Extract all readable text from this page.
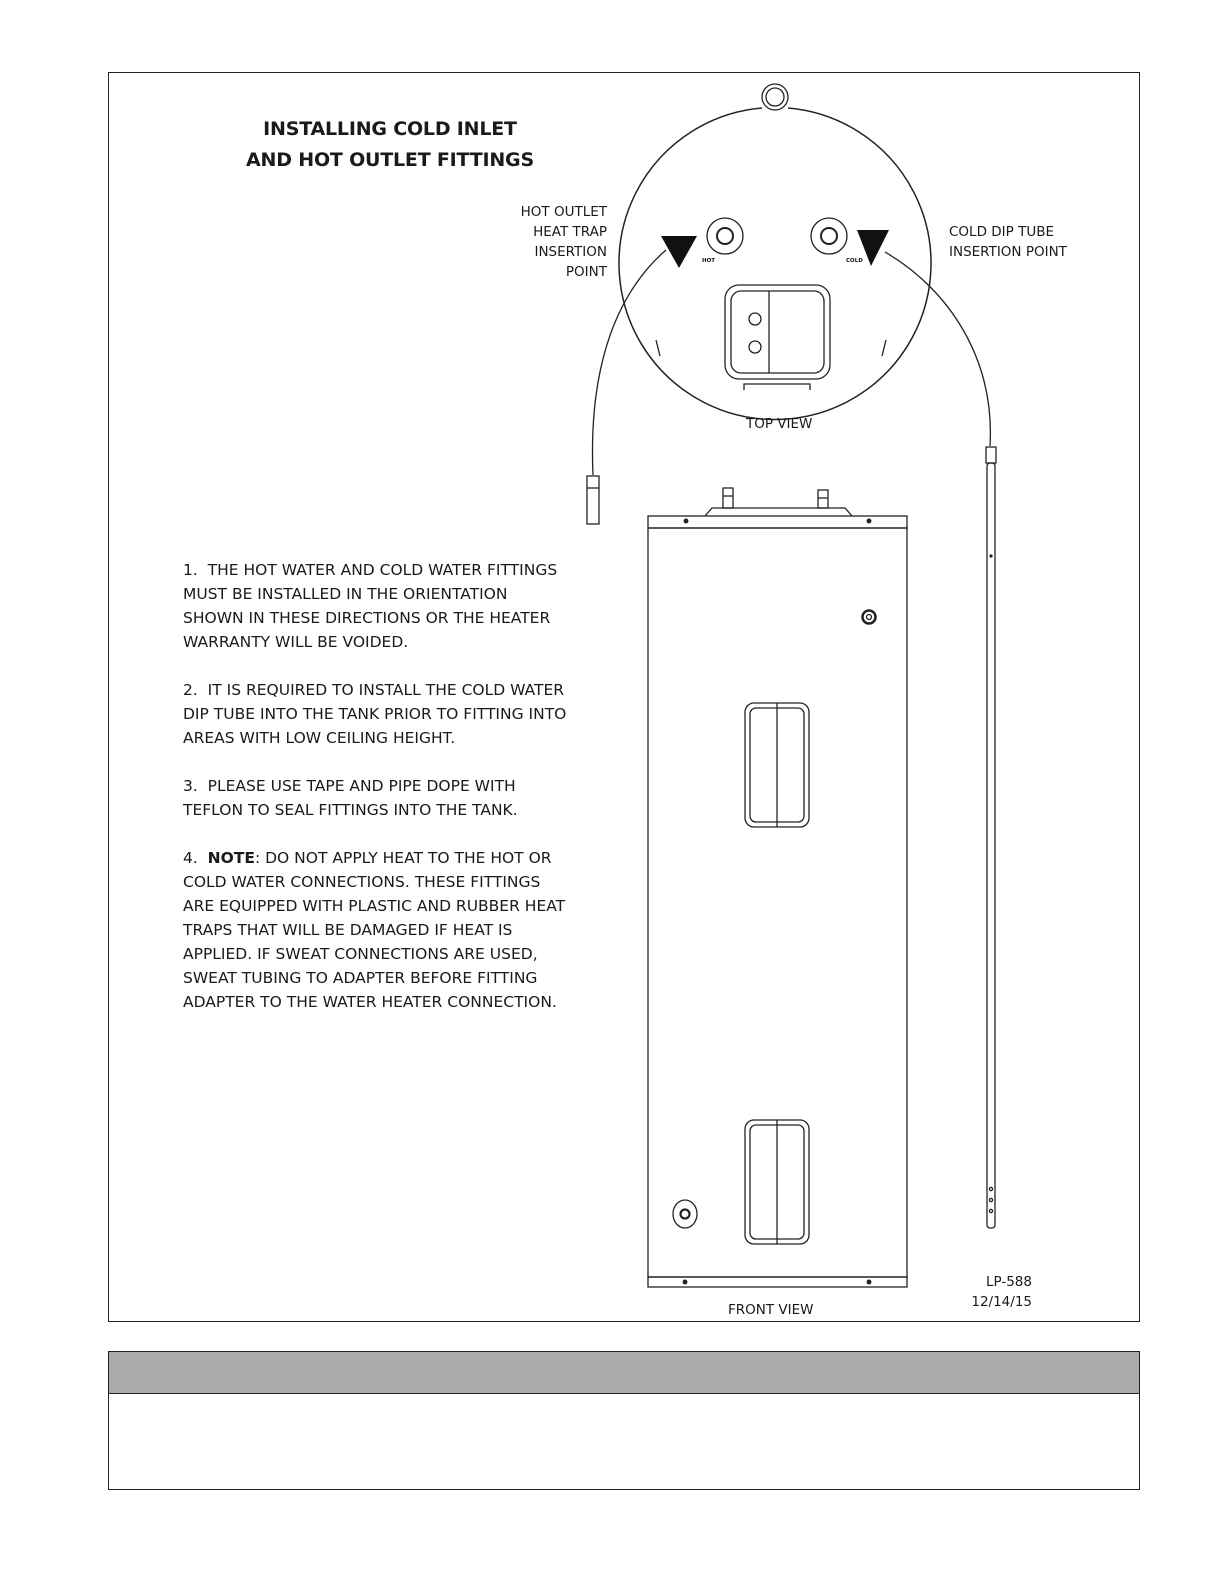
INSTALLING COLD INLET
AND HOT OUTLET FITTINGS
HOT OUTLET
HEAT TRAP
INSERTION
POINT
COLD DIP TUBE
INSERTION POINT
HOT	COLD
TOP VIEW
FRONT VIEW
1. THE HOT WATER AND COLD WATER FITTINGS
MUST BE INSTALLED IN THE ORIENTATION
SHOWN IN THESE DIRECTIONS OR THE HEATER
WARRANTY WILL BE VOIDED.
2. IT IS REQUIRED TO INSTALL THE COLD WATER
DIP TUBE INTO THE TANK PRIOR TO FITTING INTO
AREAS WITH LOW CEILING HEIGHT.
3. PLEASE USE TAPE AND PIPE DOPE WITH
TEFLON TO SEAL FITTINGS INTO THE TANK.
4. NOTE: DO NOT APPLY HEAT TO THE HOT OR
COLD WATER CONNECTIONS. THESE FITTINGS
ARE EQUIPPED WITH PLASTIC AND RUBBER HEAT
TRAPS THAT WILL BE DAMAGED IF HEAT IS
APPLIED. IF SWEAT CONNECTIONS ARE USED,
SWEAT TUBING TO ADAPTER BEFORE FITTING
ADAPTER TO THE WATER HEATER CONNECTION.
LP-588
12/14/15
